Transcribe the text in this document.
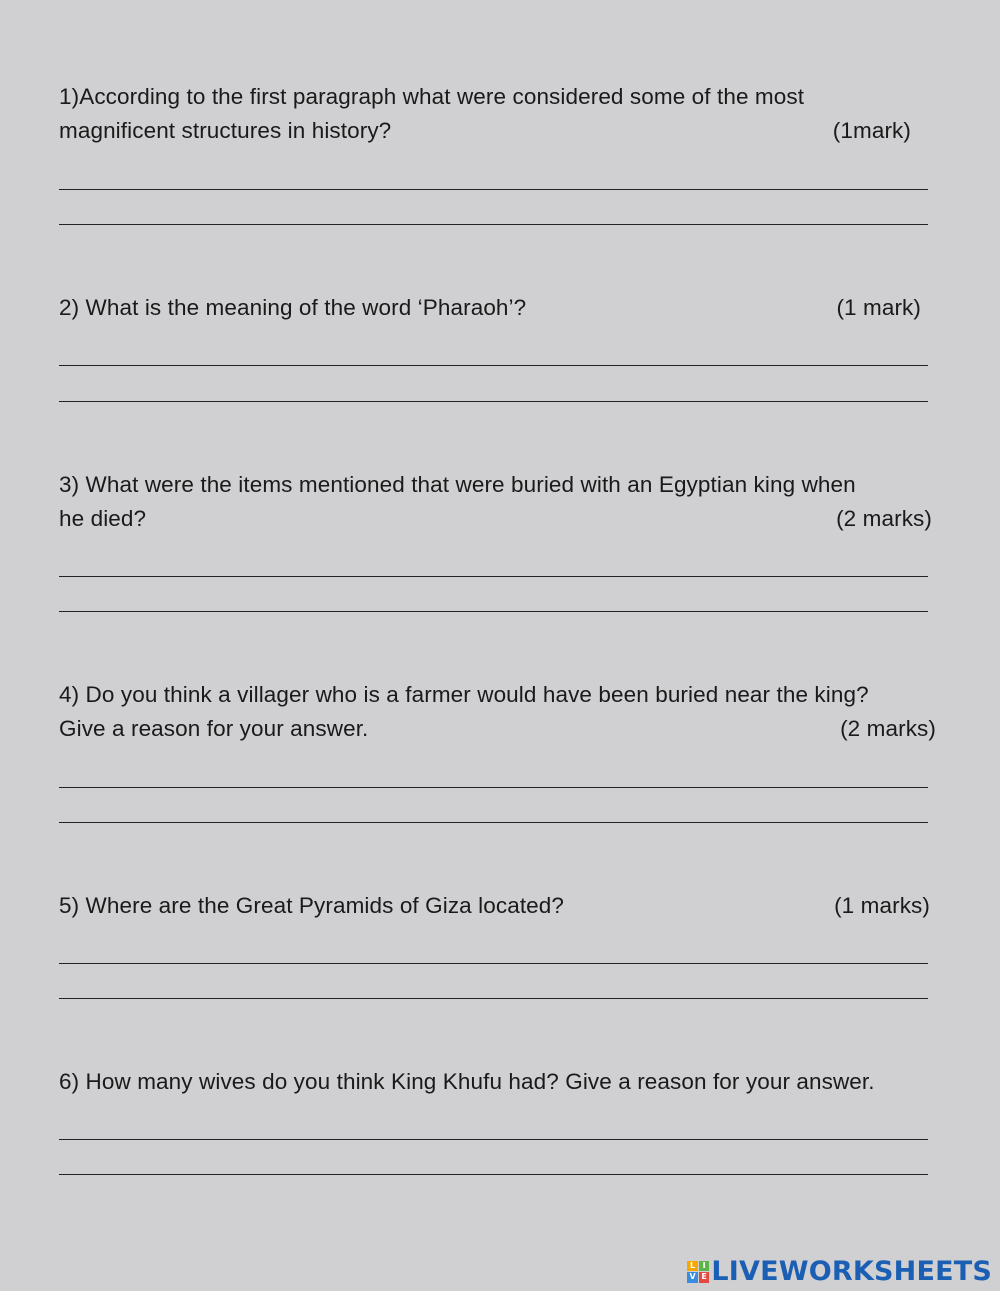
1)According to the first paragraph what were considered some of the most
magnificent structures in history?	(1mark)
2) What is the meaning of the word ‘Pharaoh’?	(1 mark)
3) What were the items mentioned that were buried with an Egyptian king when
he died?	(2 marks)
4) Do you think a villager who is a farmer would have been buried near the king?
Give a reason for your answer.	(2 marks)
5) Where are the Great Pyramids of Giza located?	(1 marks)
6) How many wives do you think King Khufu had? Give a reason for your answer.
L I
V E LIVEWORKSHEETS
